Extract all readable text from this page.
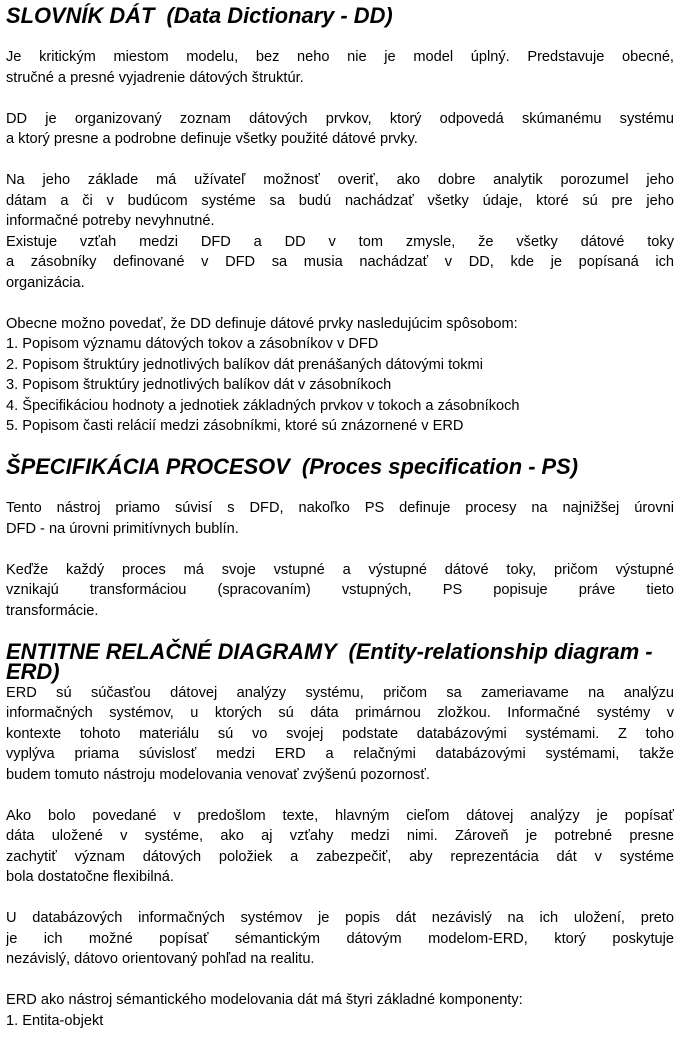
SLOVNÍK DÁT (Data Dictionary - DD)

Je kritickým miestom modelu, bez neho nie je model úplný. Predstavuje obecné,
stručné a presné vyjadrenie dátových štruktúr.

DD je organizovaný zoznam dátových prvkov, ktorý odpovedá skúmanému systému
a ktorý presne a podrobne definuje všetky použité dátové prvky.

Na jeho základe má užívateľ možnosť overiť, ako dobre analytik porozumel jeho
dátam a či v budúcom systéme sa budú nachádzať všetky údaje, ktoré sú pre jeho
informačné potreby nevyhnutné.

Existuje vzťah medzi DFD a DD v tom zmysle, že všetky dátové toky
a zásobníky definované v DFD sa musia nachádzať v DD, kde je popísaná ich
organizácia.

Obecne možno povedať, že DD definuje dátové prvky nasledujúcim spôsobom:

1. Popisom významu dátových tokov a zásobníkov v DFD
2. Popisom štruktúry jednotlivých balíkov dát prenášaných dátovými tokmi
3. Popisom štruktúry jednotlivých balíkov dát v zásobníkoch
4. Špecifikáciou hodnoty a jednotiek základných prvkov v tokoch a zásobníkoch
5. Popisom časti relácií medzi zásobníkmi, ktoré sú znázornené v ERD
ŠPECIFIKÁCIA PROCESOV (Proces specification - PS)

Tento nástroj priamo súvisí s DFD, nakoľko PS definuje procesy na najnižšej úrovni
DFD - na úrovni primitívnych bublín.

Keďže každý proces má svoje vstupné a výstupné dátové toky, pričom výstupné
vznikajú transformáciou (spracovaním) vstupných, PS popisuje práve tieto
transformácie.

ENTITNE RELAČNÉ DIAGRAMY (Entity-relationship diagram - ERD)

ERD sú súčasťou dátovej analýzy systému, pričom sa zameriavame na analýzu
informačných systémov, u ktorých sú dáta primárnou zložkou. Informačné systémy v
kontexte tohoto materiálu sú vo svojej podstate databázovými systémami. Z toho
vyplýva priama súvislosť medzi ERD a relačnými databázovými systémami, takže
budem tomuto nástroju modelovania venovať zvýšenú pozornosť.

Ako bolo povedané v predošlom texte, hlavným cieľom dátovej analýzy je popísať
dáta uložené v systéme, ako aj vzťahy medzi nimi. Zároveň je potrebné presne
zachytiť význam dátových položiek a zabezpečiť, aby reprezentácia dát v systéme
bola dostatočne flexibilná.

U databázových informačných systémov je popis dát nezávislý na ich uložení, preto
je ich možné popísať sémantickým dátovým modelom-ERD, ktorý poskytuje
nezávislý, dátovo orientovaný pohľad na realitu.

ERD ako nástroj sémantického modelovania dát má štyri základné komponenty:
1. Entita-objekt
